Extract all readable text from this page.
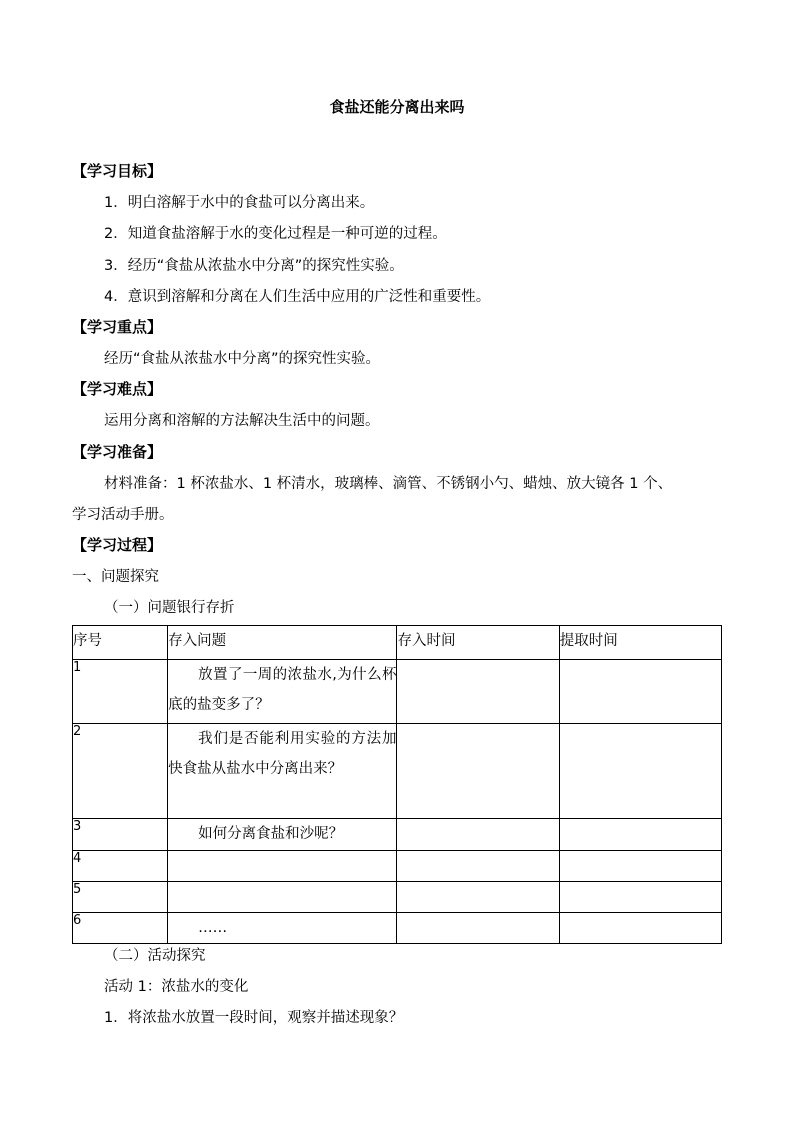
食盐还能分离出来吗
【学习目标】
1．明白溶解于水中的食盐可以分离出来。
2．知道食盐溶解于水的变化过程是一种可逆的过程。
3．经历“食盐从浓盐水中分离”的探究性实验。
4．意识到溶解和分离在人们生活中应用的广泛性和重要性。
【学习重点】
经历“食盐从浓盐水中分离”的探究性实验。
【学习难点】
运用分离和溶解的方法解决生活中的问题。
【学习准备】
材料准备：1 杯浓盐水、1 杯清水，玻璃棒、滴管、不锈钢小勺、蜡烛、放大镜各 1 个、
学习活动手册。
【学习过程】
一、问题探究
（一）问题银行存折
序号	存入问题	存入时间	提取时间
1	放置了一周的浓盐水,为什么杯底的盐变多了？		

2	我们是否能利用实验的方法加快食盐从盐水中分离出来？		

3	如何分离食盐和沙呢？		

4	

5	

6	……		

（二）活动探究
活动 1：浓盐水的变化
1．将浓盐水放置一段时间，观察并描述现象？
